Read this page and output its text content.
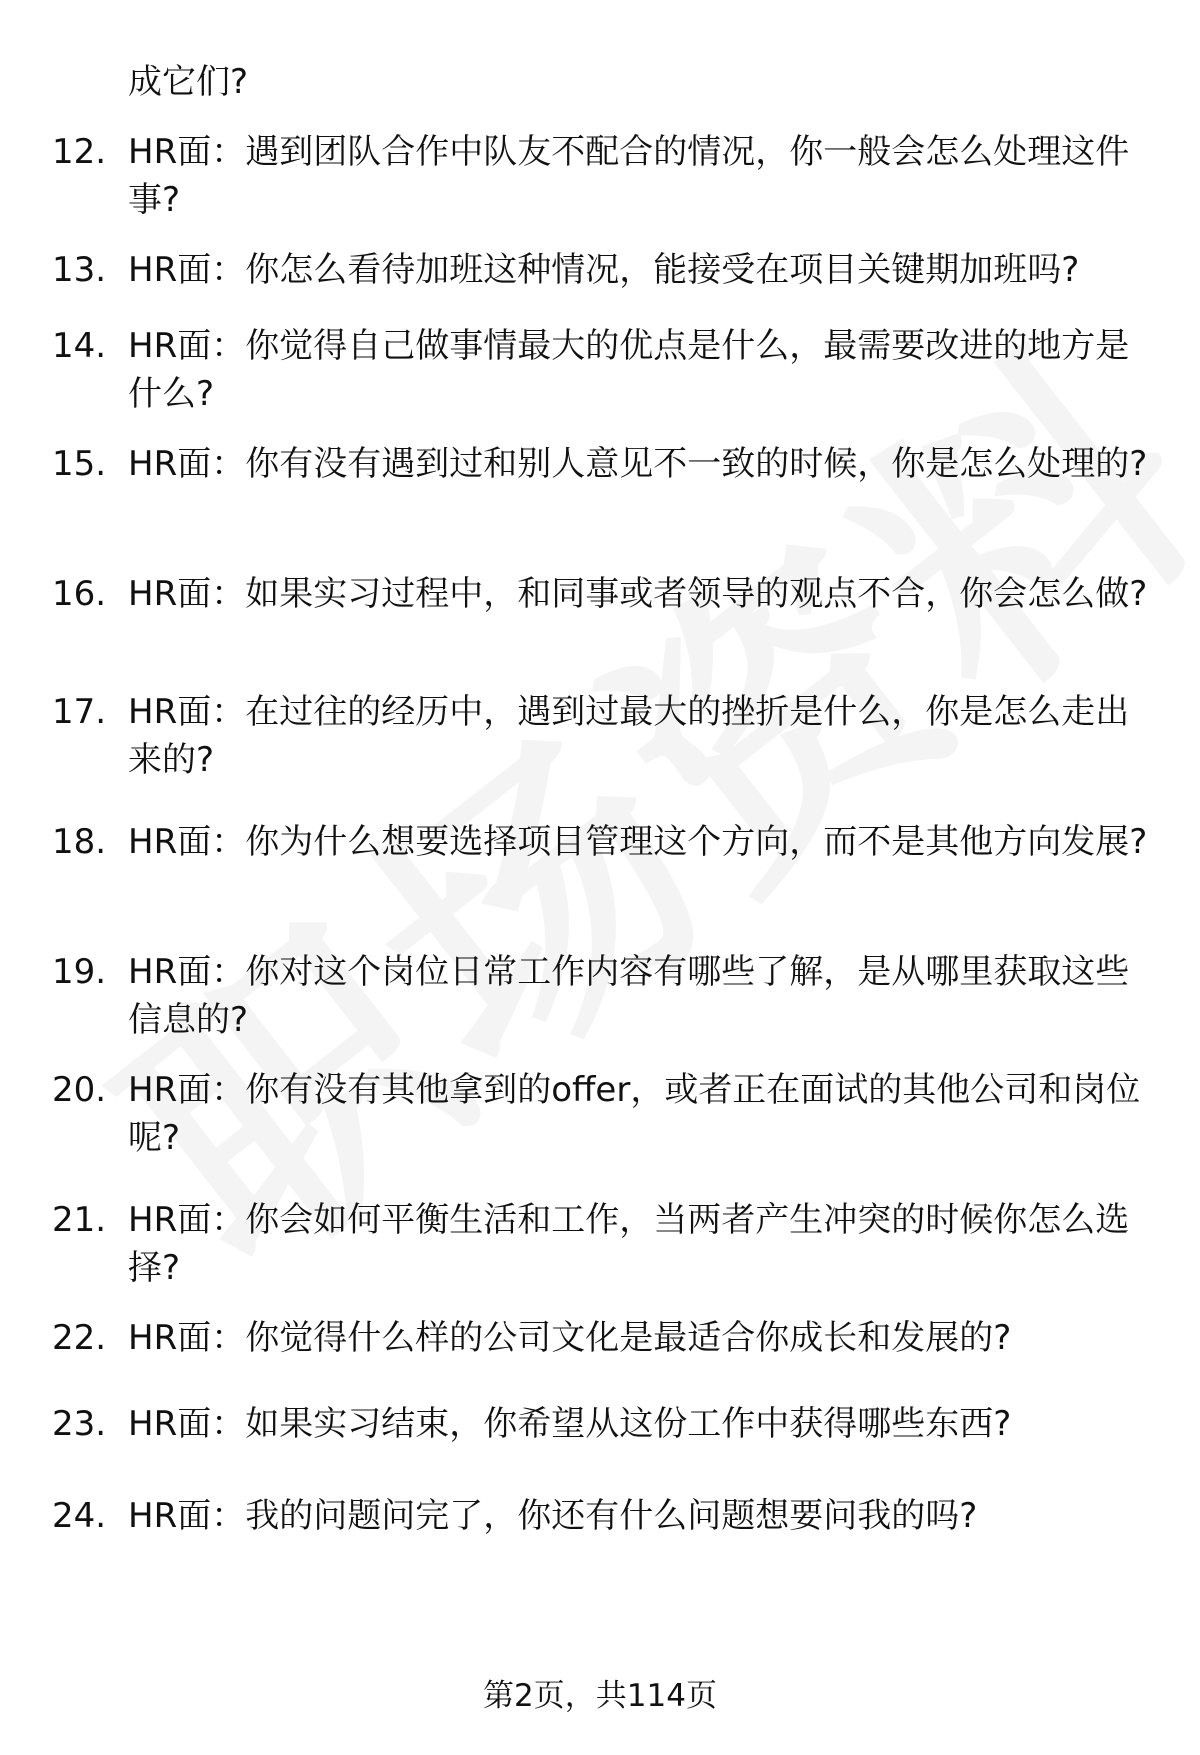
成它们?
12. HR面：遇到团队合作中队友不配合的情况，你一般会怎么处理这件事?
13. HR面：你怎么看待加班这种情况，能接受在项目关键期加班吗?
14. HR面：你觉得自己做事情最大的优点是什么，最需要改进的地方是什么?
15. HR面：你有没有遇到过和别人意见不一致的时候，你是怎么处理的?
16. HR面：如果实习过程中，和同事或者领导的观点不合，你会怎么做?
17. HR面：在过往的经历中，遇到过最大的挫折是什么，你是怎么走出来的?
18. HR面：你为什么想要选择项目管理这个方向，而不是其他方向发展?
19. HR面：你对这个岗位日常工作内容有哪些了解，是从哪里获取这些信息的?
20. HR面：你有没有其他拿到的offer，或者正在面试的其他公司和岗位呢?
21. HR面：你会如何平衡生活和工作，当两者产生冲突的时候你怎么选择?
22. HR面：你觉得什么样的公司文化是最适合你成长和发展的?
23. HR面：如果实习结束，你希望从这份工作中获得哪些东西?
24. HR面：我的问题问完了，你还有什么问题想要问我的吗?
第2页，共114页
